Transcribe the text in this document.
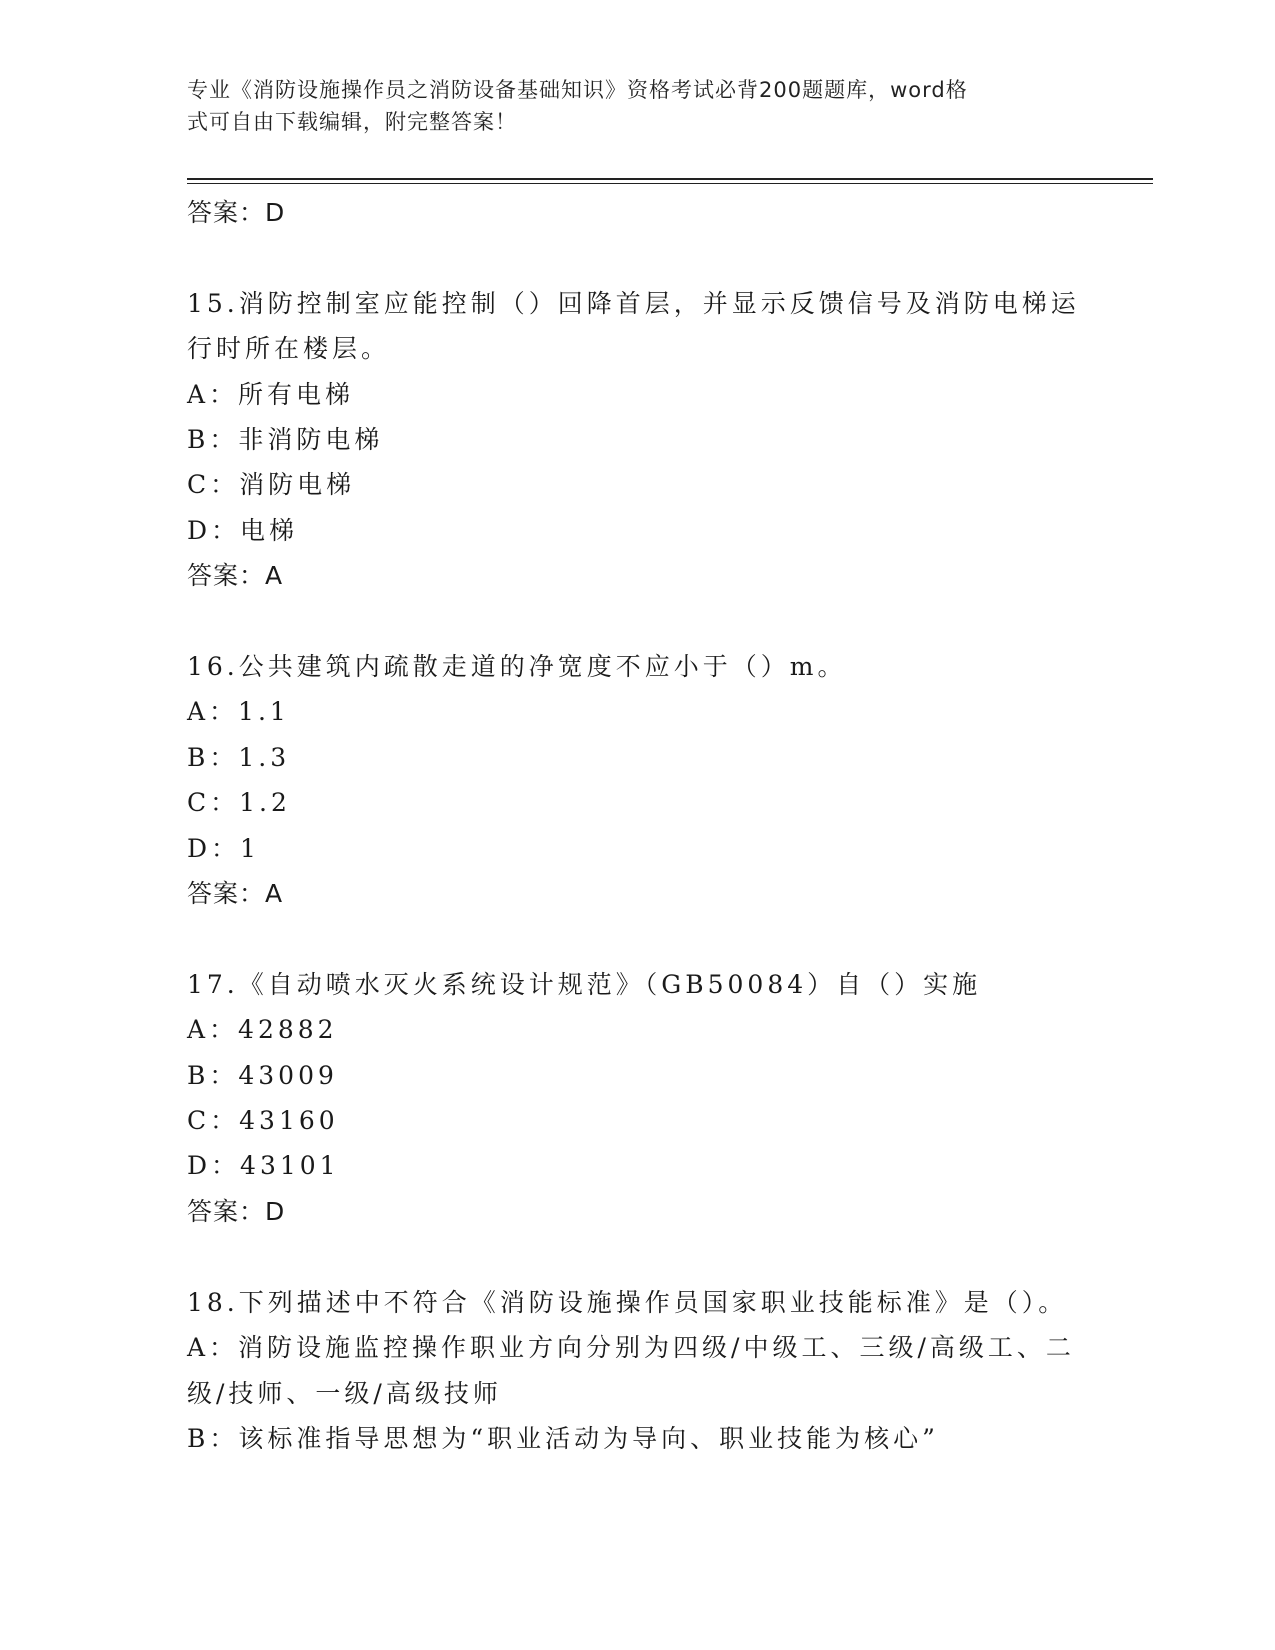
专业《消防设施操作员之消防设备基础知识》资格考试必背200题题库，word格
式可自由下载编辑，附完整答案！
答案：D
15.消防控制室应能控制（）回降首层，并显示反馈信号及消防电梯运
行时所在楼层。
A：所有电梯
B：非消防电梯
C：消防电梯
D：电梯
答案：A
16.公共建筑内疏散走道的净宽度不应小于（）m。
A：1.1
B：1.3
C：1.2
D：1
答案：A
17.《自动喷水灭火系统设计规范》（GB50084）自（）实施
A：42882
B：43009
C：43160
D：43101
答案：D
18.下列描述中不符合《消防设施操作员国家职业技能标准》是（）。
A：消防设施监控操作职业方向分别为四级/中级工、三级/高级工、二
级/技师、一级/高级技师
B：该标准指导思想为“职业活动为导向、职业技能为核心”
